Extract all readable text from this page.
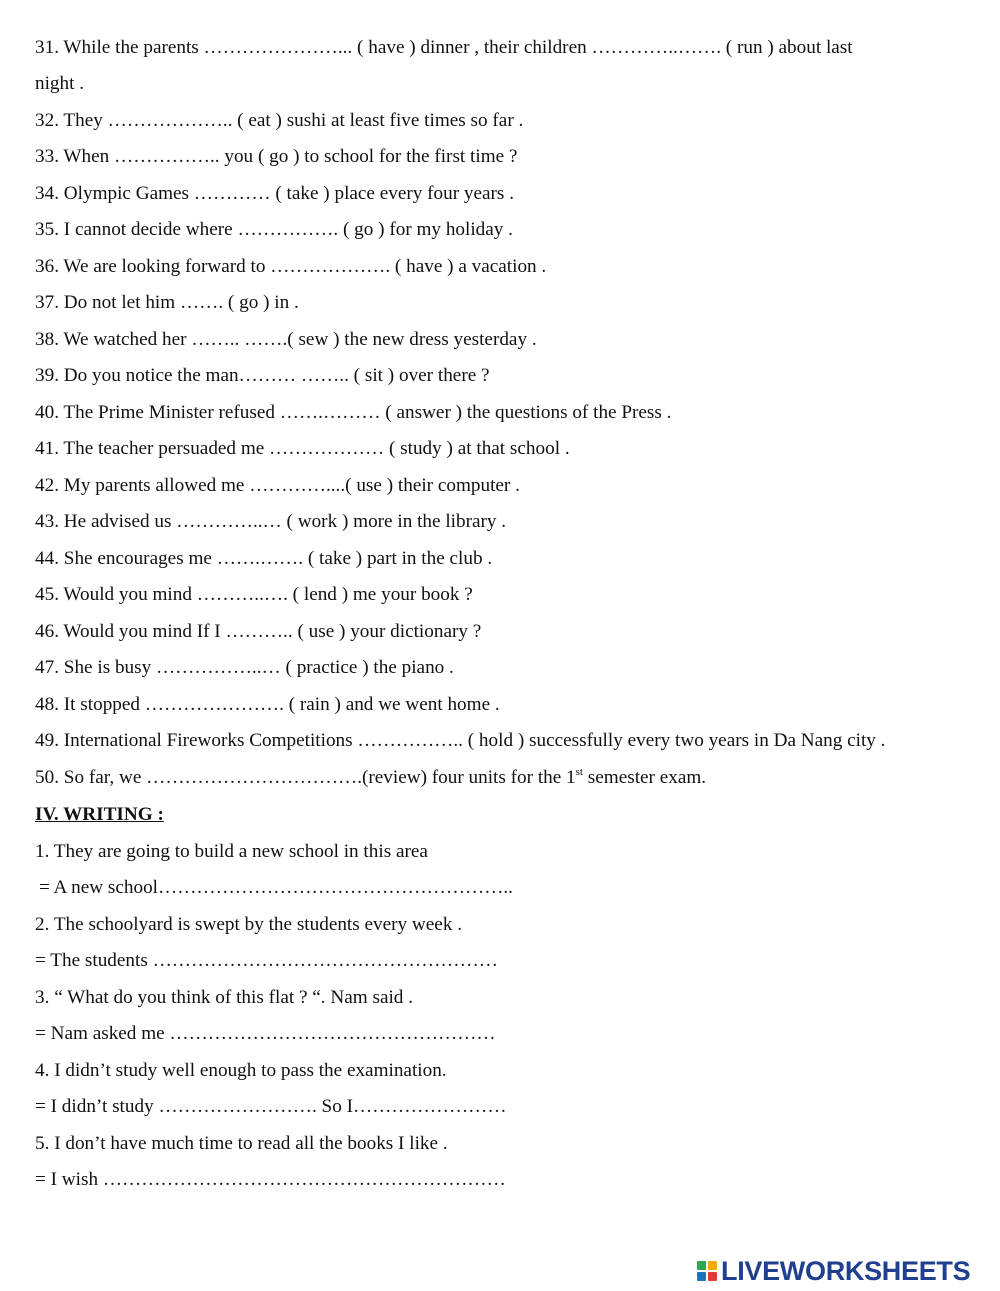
31. While the parents …………………... ( have ) dinner , their children …………..……. ( run ) about last
night .
32. They ……………….. ( eat ) sushi at least five times so far .
33. When …………….. you ( go ) to school for the first time ?
34. Olympic Games ………… ( take ) place every four years .
35. I cannot decide where ……………. ( go ) for my holiday .
36. We are looking forward to ………………. ( have ) a vacation .
37. Do not let him ……. ( go ) in .
38. We watched her …….. …….( sew ) the new dress yesterday .
39. Do you notice the man……… …….. ( sit ) over there ?
40. The Prime Minister refused …….……… ( answer ) the questions of the Press .
41. The teacher persuaded me ……………… ( study ) at that school .
42. My parents allowed me …………....( use ) their computer .
43. He advised us …………..… ( work ) more in the library .
44. She encourages me …….……. ( take ) part in the club .
45. Would you mind ………..…. ( lend ) me your book ?
46. Would you mind If I ……….. ( use ) your dictionary ?
47. She is busy ……………..… ( practice ) the piano .
48. It stopped …………………. ( rain ) and we went home .
49. International Fireworks Competitions …………….. ( hold ) successfully every two years in Da Nang city .
50. So far, we …………………………….(review) four units for the 1st semester exam.
IV. WRITING :
1. They are going to build a new school in this area
= A new school………………………………………………..
2. The schoolyard is swept by the students every week .
= The students ………………………………………………
3. “ What do you think of this flat ? “. Nam said .
= Nam asked me ……………………………………………
4. I didn’t study well enough to pass the examination.
= I didn’t study ……………………. So I……………………
5. I don’t have much time to read all the books I like .
= I wish ………………………………………………………
LIVEWORKSHEETS
